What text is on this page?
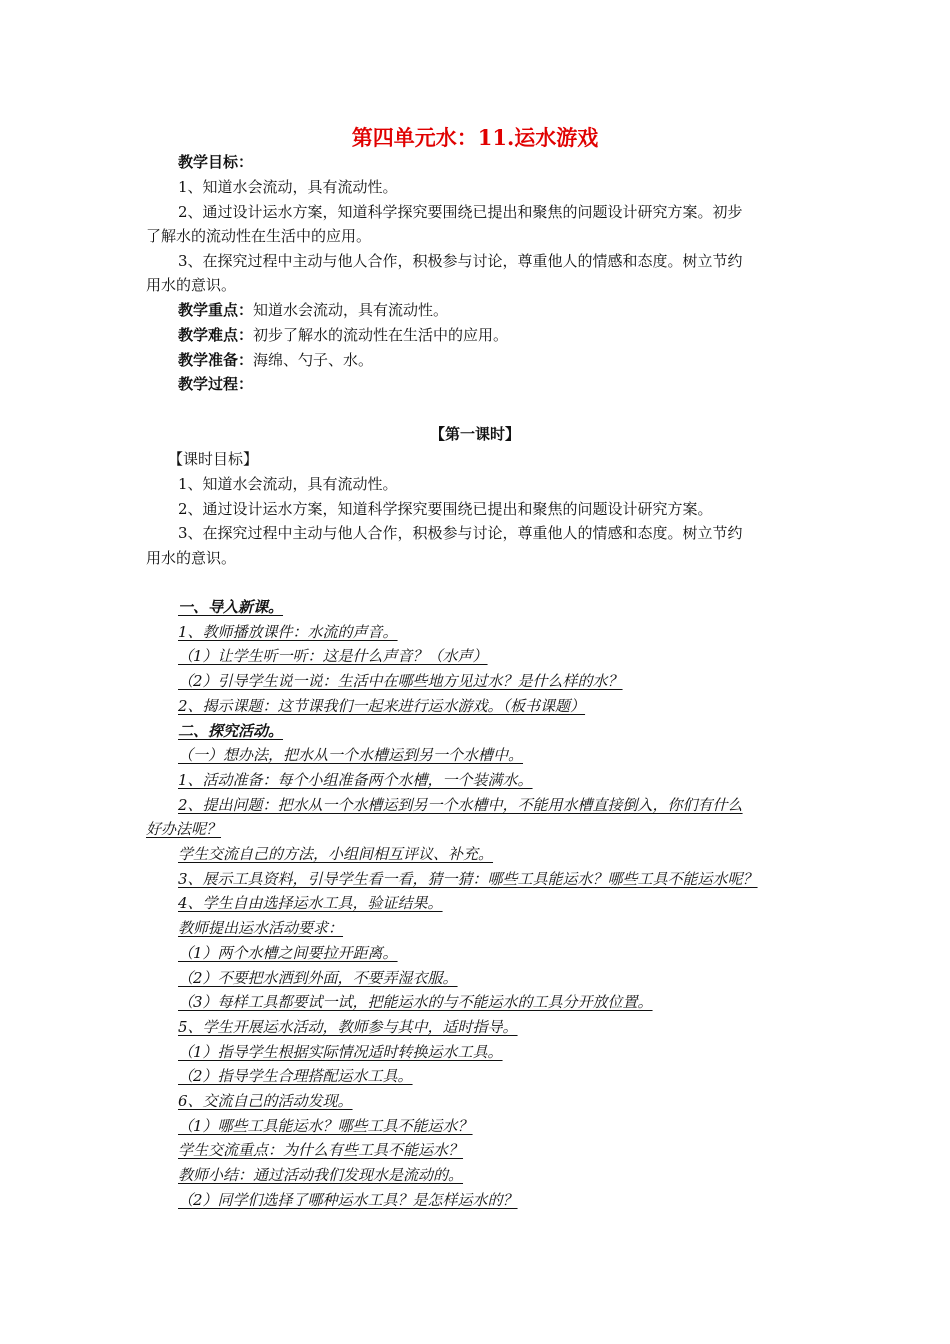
第四单元水：11.运水游戏
教学目标：
1、知道水会流动，具有流动性。
2、通过设计运水方案，知道科学探究要围绕已提出和聚焦的问题设计研究方案。初步
了解水的流动性在生活中的应用。
3、在探究过程中主动与他人合作，积极参与讨论，尊重他人的情感和态度。树立节约
用水的意识。
教学重点：知道水会流动，具有流动性。
教学难点：初步了解水的流动性在生活中的应用。
教学准备：海绵、勺子、水。
教学过程：
【第一课时】
【课时目标】
1、知道水会流动，具有流动性。
2、通过设计运水方案，知道科学探究要围绕已提出和聚焦的问题设计研究方案。
3、在探究过程中主动与他人合作，积极参与讨论，尊重他人的情感和态度。树立节约
用水的意识。
一、导入新课。
1、教师播放课件：水流的声音。
（1）让学生听一听：这是什么声音？（水声）
（2）引导学生说一说：生活中在哪些地方见过水？是什么样的水？
2、揭示课题：这节课我们一起来进行运水游戏。（板书课题）
二、探究活动。
（一）想办法，把水从一个水槽运到另一个水槽中。
1、活动准备：每个小组准备两个水槽，一个装满水。
2、提出问题：把水从一个水槽运到另一个水槽中，不能用水槽直接倒入，你们有什么
好办法呢？
学生交流自己的方法，小组间相互评议、补充。
3、展示工具资料，引导学生看一看，猜一猜：哪些工具能运水？哪些工具不能运水呢？
4、学生自由选择运水工具，验证结果。
教师提出运水活动要求：
（1）两个水槽之间要拉开距离。
（2）不要把水洒到外面，不要弄湿衣服。
（3）每样工具都要试一试，把能运水的与不能运水的工具分开放位置。
5、学生开展运水活动，教师参与其中，适时指导。
（1）指导学生根据实际情况适时转换运水工具。
（2）指导学生合理搭配运水工具。
6、交流自己的活动发现。
（1）哪些工具能运水？哪些工具不能运水？
学生交流重点：为什么有些工具不能运水？
教师小结：通过活动我们发现水是流动的。
（2）同学们选择了哪种运水工具？是怎样运水的？
